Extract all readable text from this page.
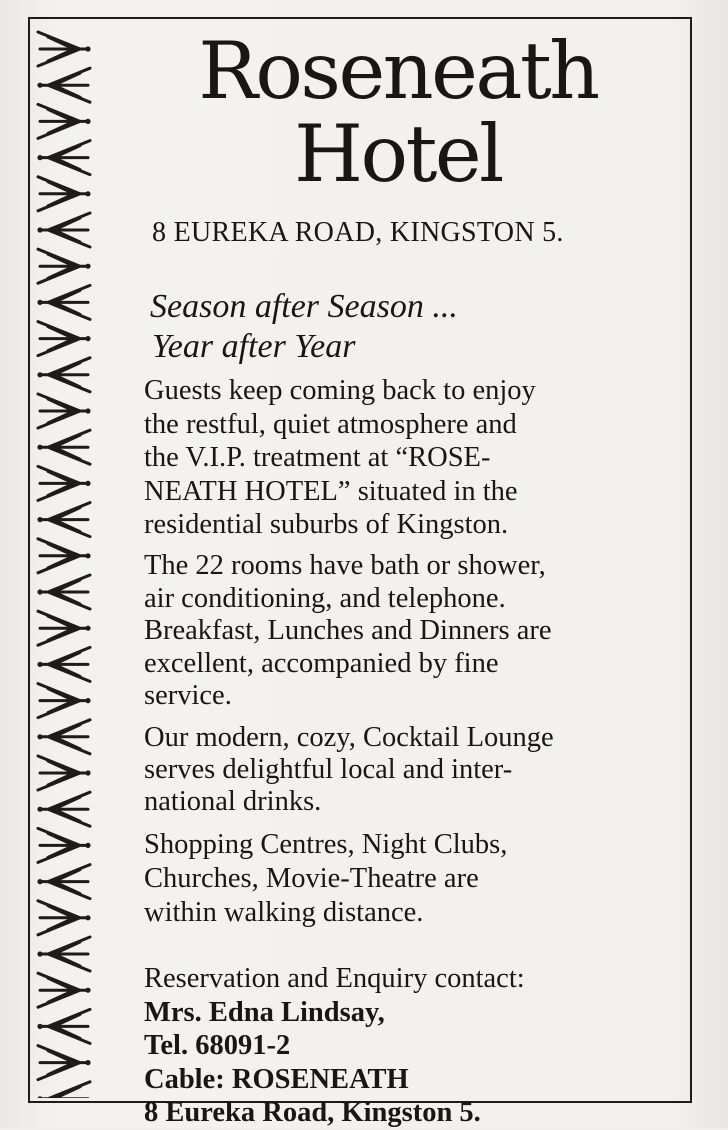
Roseneath
Hotel
8 EUREKA ROAD, KINGSTON 5.
Season after Season ...
Year after Year
Guests keep coming back to enjoy
the restful, quiet atmosphere and
the V.I.P. treatment at “ROSE-
NEATH HOTEL” situated in the
residential suburbs of Kingston.
The 22 rooms have bath or shower,
air conditioning, and telephone.
Breakfast, Lunches and Dinners are
excellent, accompanied by fine
service.
Our modern, cozy, Cocktail Lounge
serves delightful local and inter-
national drinks.
Shopping Centres, Night Clubs,
Churches, Movie-Theatre are
within walking distance.
Reservation and Enquiry contact:
Mrs. Edna Lindsay,
Tel. 68091-2
Cable: ROSENEATH
8 Eureka Road, Kingston 5.
